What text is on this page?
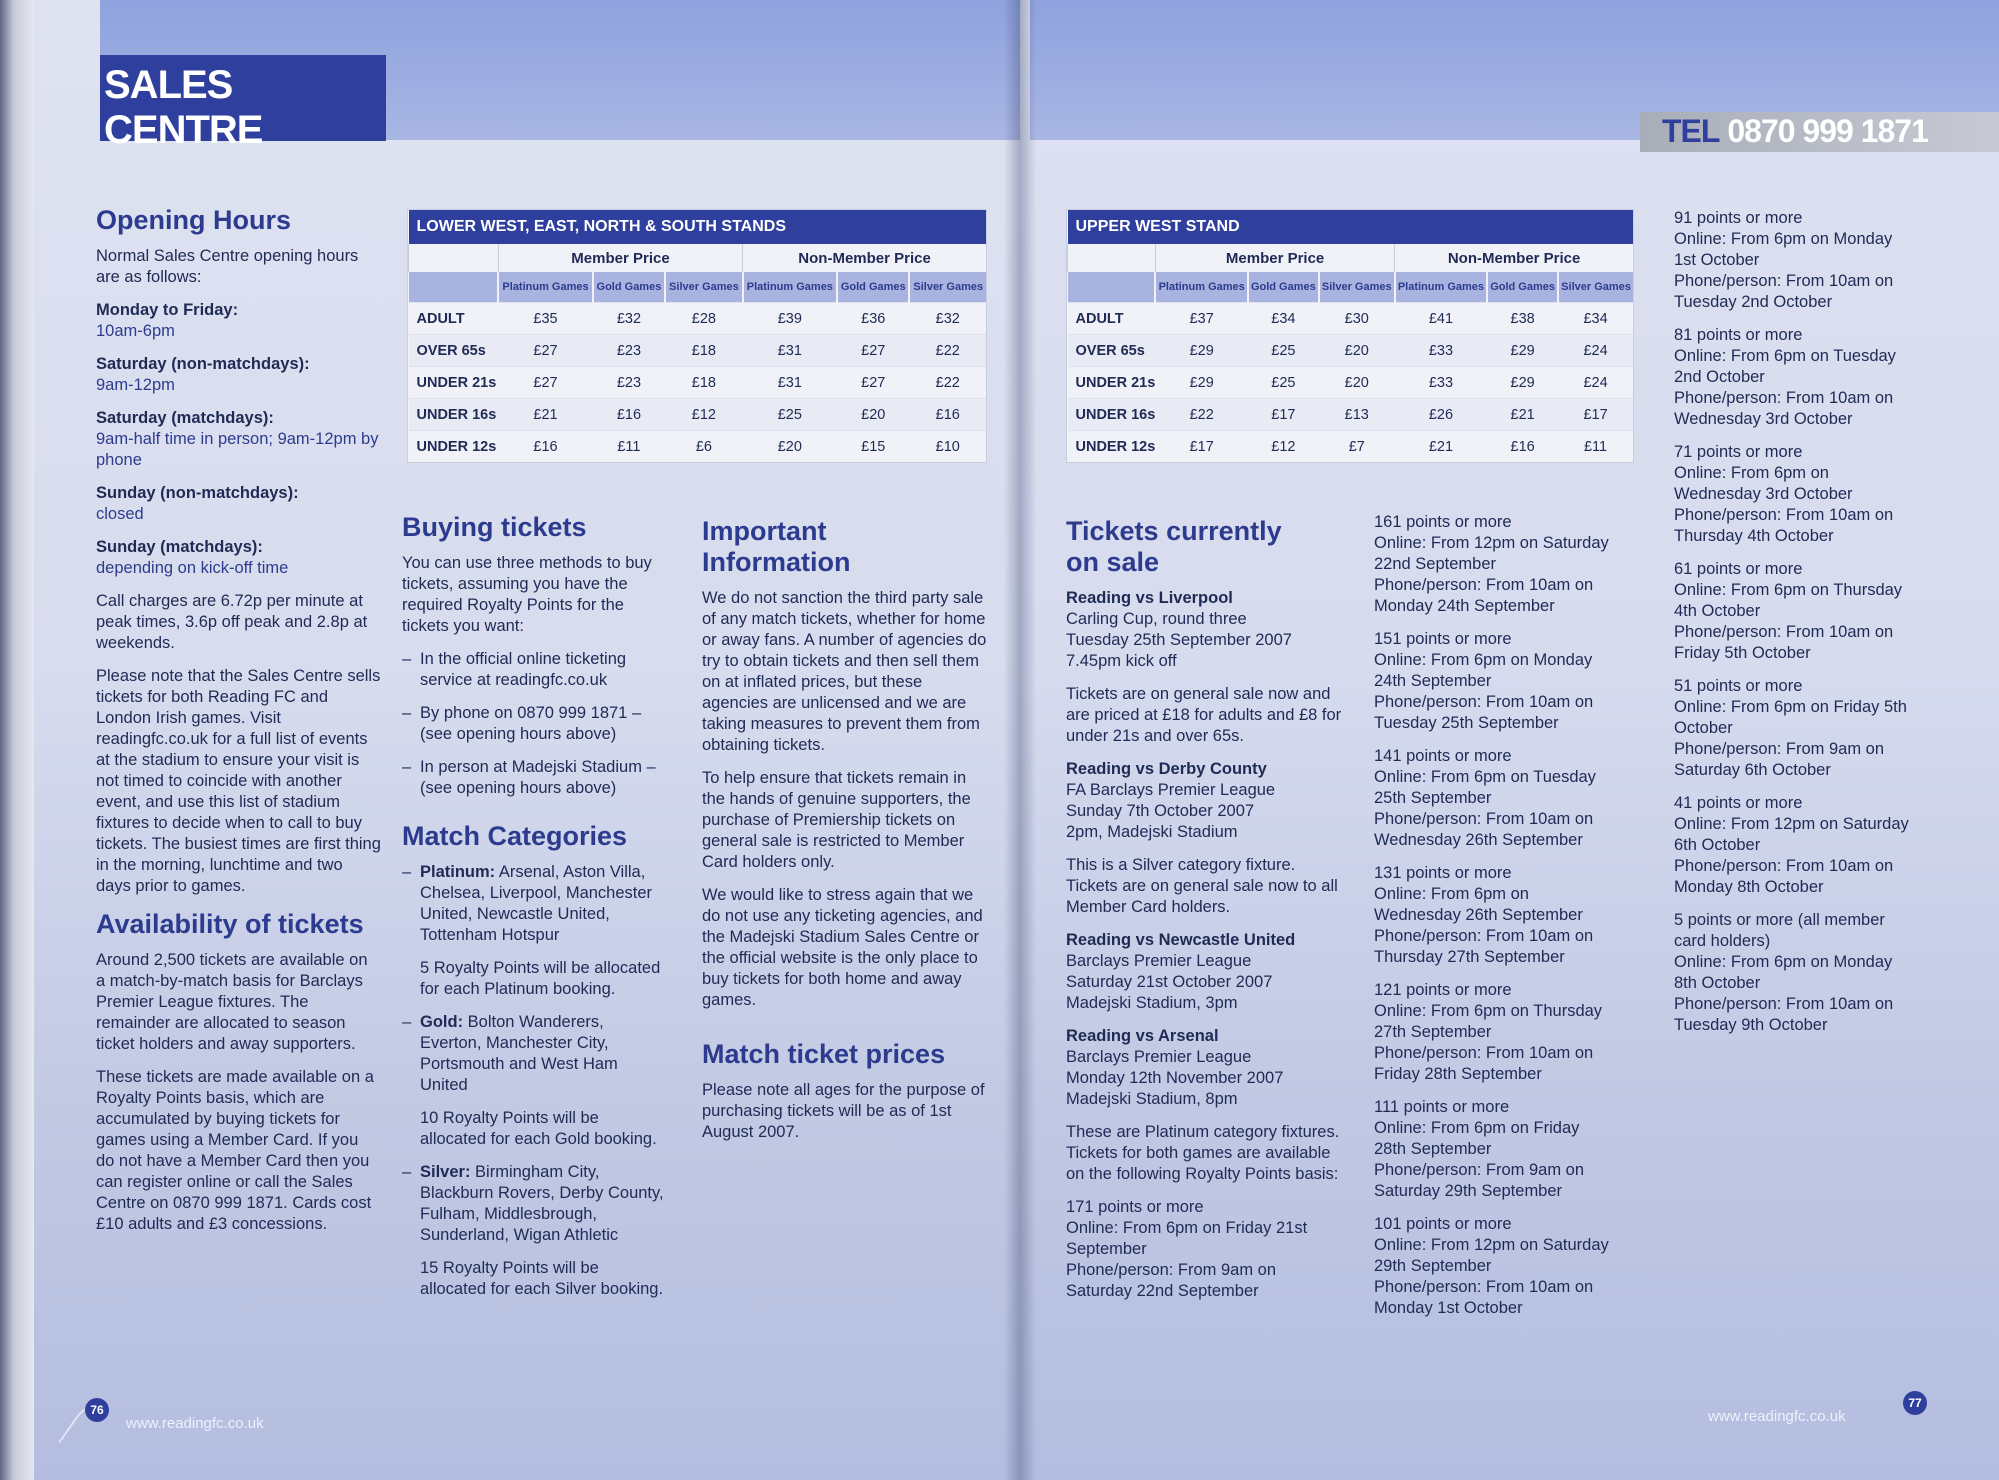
SALES CENTRE	TEL 0870 999 1871
Opening Hours

Normal Sales Centre opening hours are as follows:

Monday to Friday:
10am-6pm

Saturday (non-matchdays):
9am-12pm

Saturday (matchdays):
9am-half time in person; 9am-12pm by phone

Sunday (non-matchdays):
closed

Sunday (matchdays):
depending on kick-off time

Call charges are 6.72p per minute at peak times, 3.6p off peak and 2.8p at weekends.

Please note that the Sales Centre sells tickets for both Reading FC and London Irish games. Visit readingfc.co.uk for a full list of events at the stadium to ensure your visit is not timed to coincide with another event, and use this list of stadium fixtures to decide when to call to buy tickets. The busiest times are first thing in the morning, lunchtime and two days prior to games.

Availability of tickets

Around 2,500 tickets are available on a match-by-match basis for Barclays Premier League fixtures. The remainder are allocated to season ticket holders and away supporters.

These tickets are made available on a Royalty Points basis, which are accumulated by buying tickets for games using a Member Card. If you do not have a Member Card then you can register online or call the Sales Centre on 0870 999 1871. Cards cost £10 adults and £3 concessions.

LOWER WEST, EAST, NORTH & SOUTH STANDS						
	Member Price			Non-Member Price		
	Platinum Games	Gold Games	Silver Games	Platinum Games	Gold Games	Silver Games
ADULT	£35	£32	£28	£39	£36	£32
OVER 65s	£27	£23	£18	£31	£27	£22
UNDER 21s	£27	£23	£18	£31	£27	£22
UNDER 16s	£21	£16	£12	£25	£20	£16
UNDER 12s	£16	£11	£6	£20	£15	£10
Buying tickets

You can use three methods to buy tickets, assuming you have the required Royalty Points for the tickets you want:

– In the official online ticketing service at readingfc.co.uk
– By phone on 0870 999 1871 – (see opening hours above)
– In person at Madejski Stadium – (see opening hours above)
Match Categories
– Platinum: Arsenal, Aston Villa, Chelsea, Liverpool, Manchester United, Newcastle United, Tottenham Hotspur

5 Royalty Points will be allocated for each Platinum booking.

– Gold: Bolton Wanderers, Everton, Manchester City, Portsmouth and West Ham United

10 Royalty Points will be allocated for each Gold booking.

– Silver: Birmingham City, Blackburn Rovers, Derby County, Fulham, Middlesbrough, Sunderland, Wigan Athletic

15 Royalty Points will be allocated for each Silver booking.

Important
Information

We do not sanction the third party sale of any match tickets, whether for home or away fans. A number of agencies do try to obtain tickets and then sell them on at inflated prices, but these agencies are unlicensed and we are taking measures to prevent them from obtaining tickets.

To help ensure that tickets remain in the hands of genuine supporters, the purchase of Premiership tickets on general sale is restricted to Member Card holders only.

We would like to stress again that we do not use any ticketing agencies, and the Madejski Stadium Sales Centre or the official website is the only place to buy tickets for both home and away games.

Match ticket prices

Please note all ages for the purpose of purchasing tickets will be as of 1st August 2007.

UPPER WEST STAND						
	Member Price			Non-Member Price		
	Platinum Games	Gold Games	Silver Games	Platinum Games	Gold Games	Silver Games
ADULT	£37	£34	£30	£41	£38	£34
OVER 65s	£29	£25	£20	£33	£29	£24
UNDER 21s	£29	£25	£20	£33	£29	£24
UNDER 16s	£22	£17	£13	£26	£21	£17
UNDER 12s	£17	£12	£7	£21	£16	£11
Tickets currently
on sale
Reading vs Liverpool
Carling Cup, round three
Tuesday 25th September 2007
7.45pm kick off

Tickets are on general sale now and are priced at £18 for adults and £8 for under 21s and over 65s.

Reading vs Derby County
FA Barclays Premier League
Sunday 7th October 2007
2pm, Madejski Stadium

This is a Silver category fixture. Tickets are on general sale now to all Member Card holders.

Reading vs Newcastle United
Barclays Premier League
Saturday 21st October 2007
Madejski Stadium, 3pm
Reading vs Arsenal
Barclays Premier League
Monday 12th November 2007
Madejski Stadium, 8pm

These are Platinum category fixtures. Tickets for both games are available on the following Royalty Points basis:

171 points or more
Online: From 6pm on Friday 21st September
Phone/person: From 9am on Saturday 22nd September
161 points or more
Online: From 12pm on Saturday 22nd September
Phone/person: From 10am on Monday 24th September
151 points or more
Online: From 6pm on Monday 24th September
Phone/person: From 10am on Tuesday 25th September
141 points or more
Online: From 6pm on Tuesday 25th September
Phone/person: From 10am on Wednesday 26th September
131 points or more
Online: From 6pm on Wednesday 26th September
Phone/person: From 10am on Thursday 27th September
121 points or more
Online: From 6pm on Thursday 27th September
Phone/person: From 10am on Friday 28th September
111 points or more
Online: From 6pm on Friday 28th September
Phone/person: From 9am on Saturday 29th September
101 points or more
Online: From 12pm on Saturday 29th September
Phone/person: From 10am on Monday 1st October
91 points or more
Online: From 6pm on Monday 1st October
Phone/person: From 10am on Tuesday 2nd October
81 points or more
Online: From 6pm on Tuesday 2nd October
Phone/person: From 10am on Wednesday 3rd October
71 points or more
Online: From 6pm on Wednesday 3rd October
Phone/person: From 10am on Thursday 4th October
61 points or more
Online: From 6pm on Thursday 4th October
Phone/person: From 10am on Friday 5th October
51 points or more
Online: From 6pm on Friday 5th October
Phone/person: From 9am on Saturday 6th October
41 points or more
Online: From 12pm on Saturday 6th October
Phone/person: From 10am on Monday 8th October
5 points or more (all member card holders)
Online: From 6pm on Monday 8th October
Phone/person: From 10am on Tuesday 9th October
76
www.readingfc.co.uk	www.readingfc.co.uk
77
